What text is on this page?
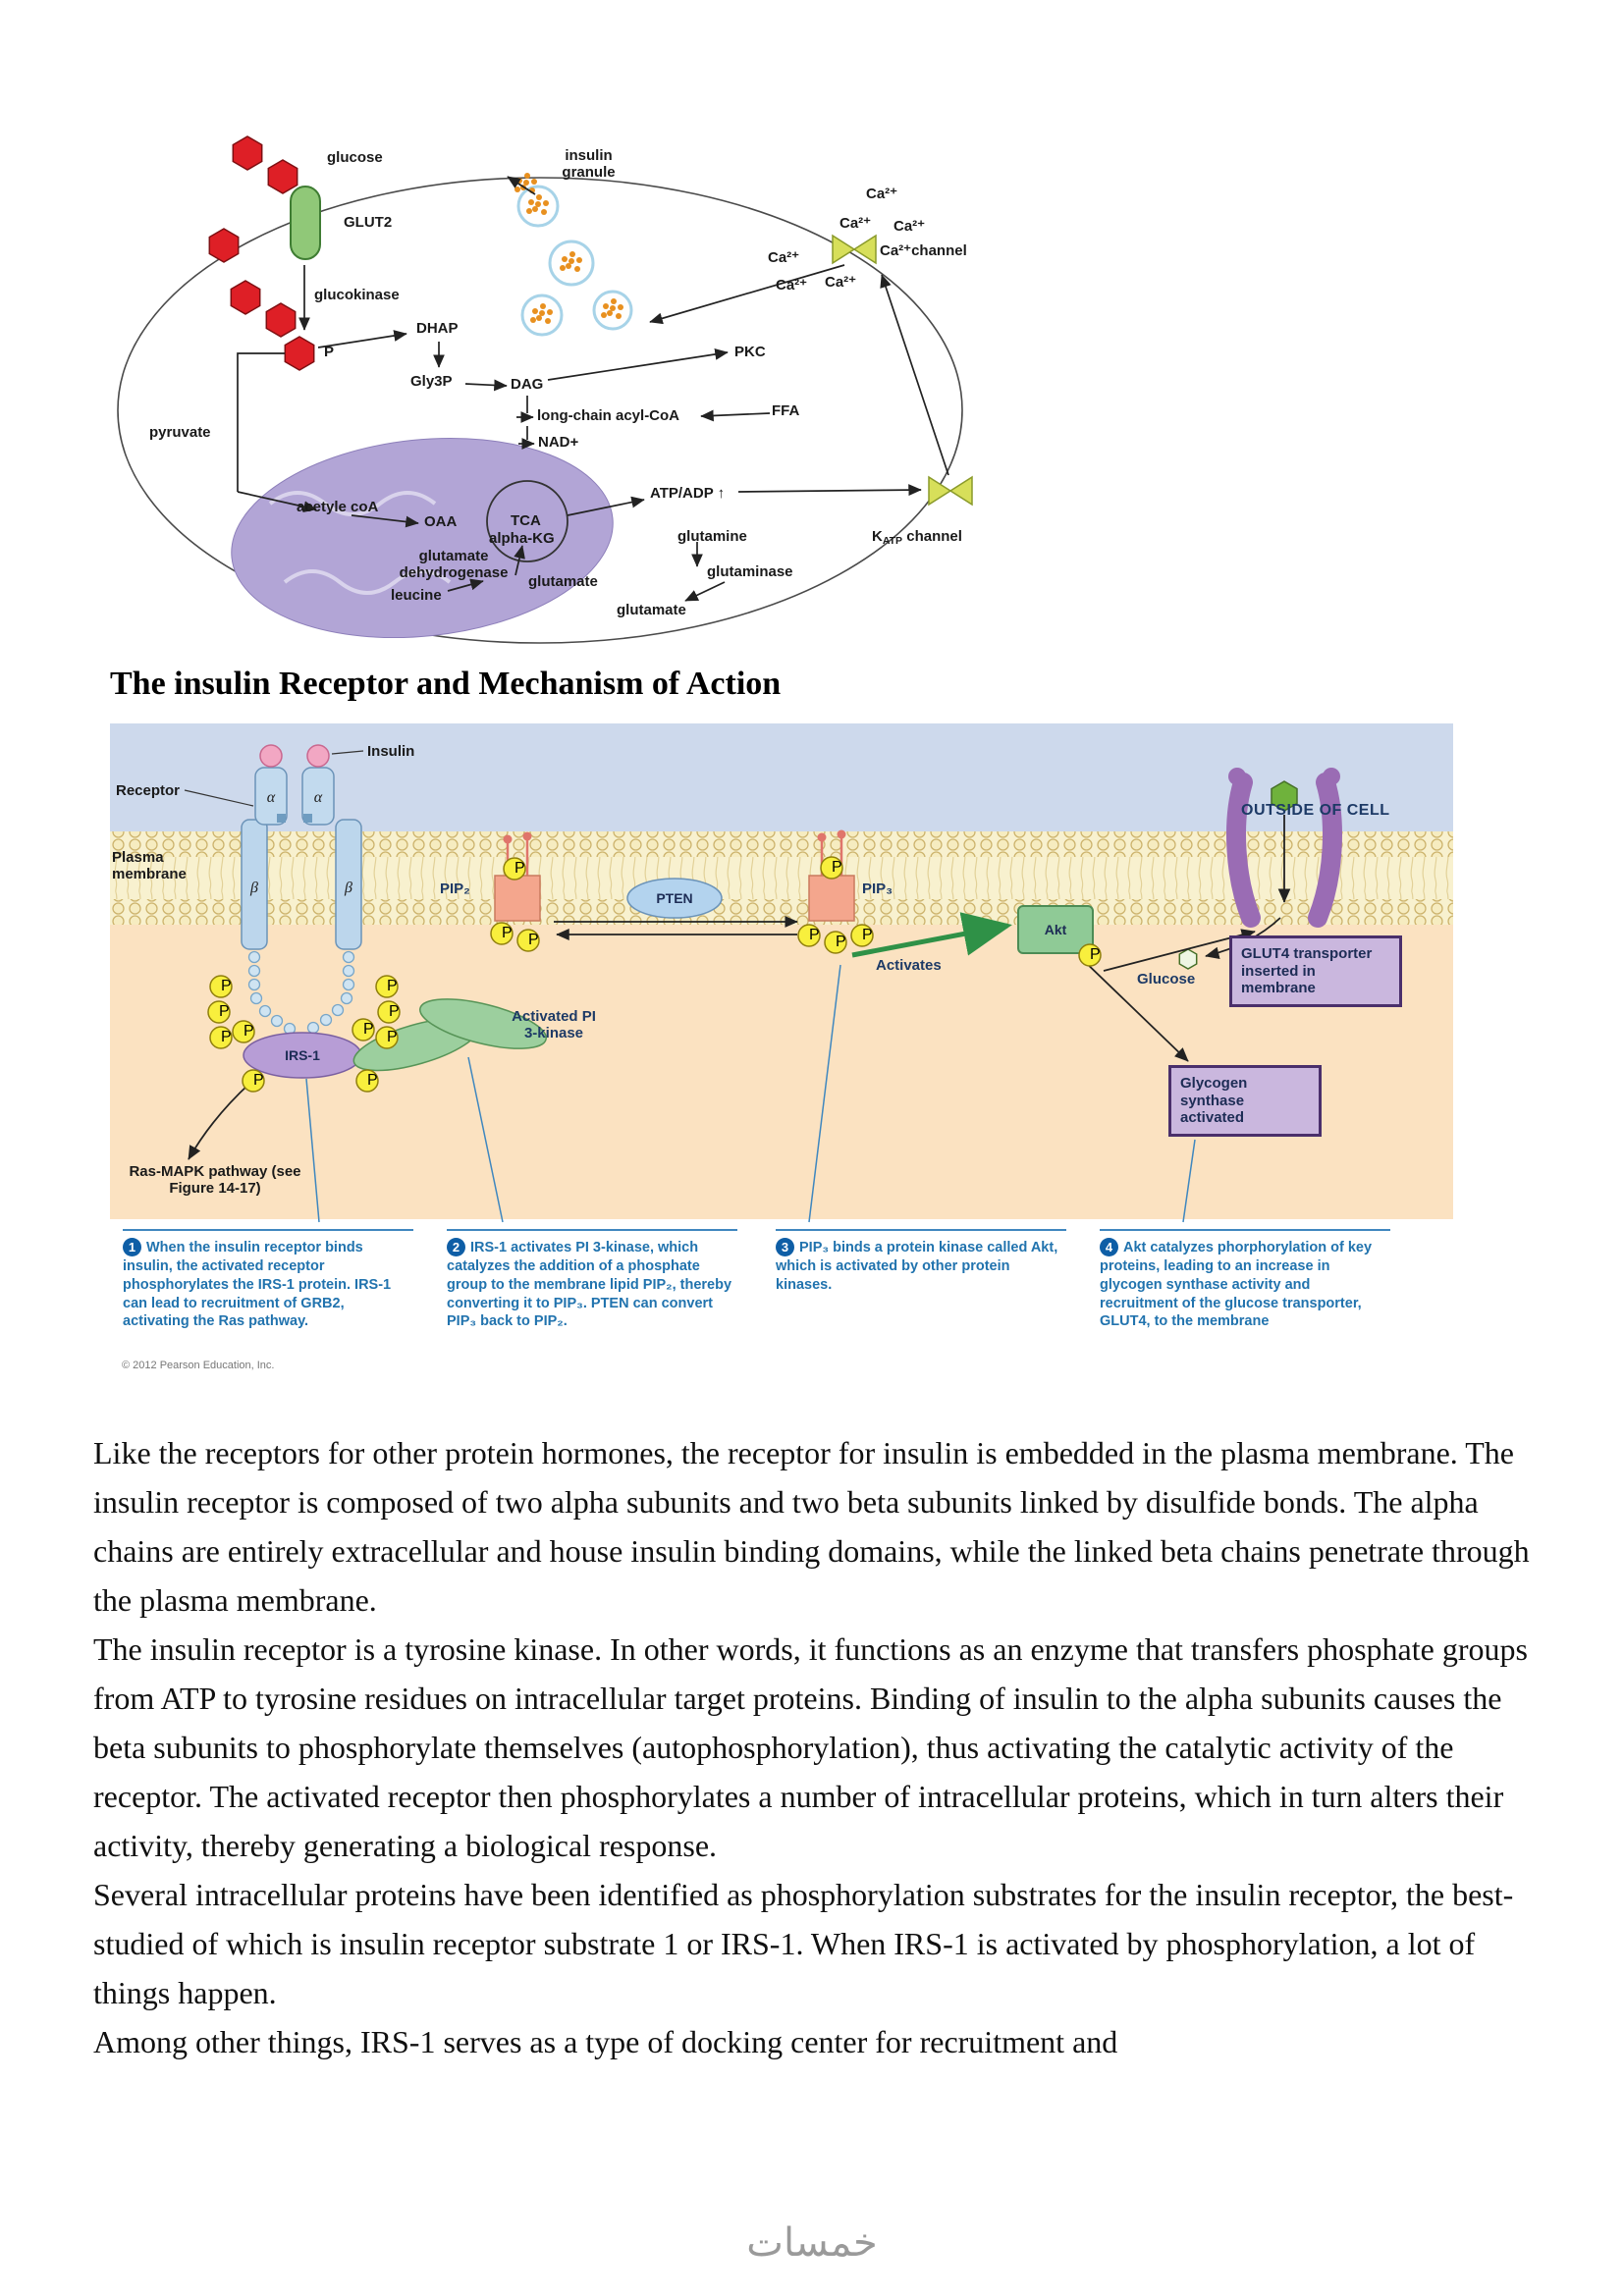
glucose
GLUT2
glucokinase
P
DHAP
Gly3P	DAG
long-chain acyl-CoA	FFA
NAD+
pyruvate
PKC
insulin granule
Ca²⁺
Ca²⁺ Ca²⁺
Ca²⁺
Ca²⁺ Ca²⁺
Ca²⁺channel
ATP/ADP ↑
$K_{ATP}$ channel
TCA
acetyle coA
OAA
alpha-KG
glutamate dehydrogenase
glutamate
leucine
glutamine
glutaminase
glutamate
The insulin Receptor and Mechanism of Action
P
P
P
P
P
P
P	P
P	P
P
P P
P
P P P
P
α α
β	β
IRS-1
PTEN
Akt
OUTSIDE OF CELL
Insulin
Receptor
Plasma membrane
PIP₂	PIP₃
Activated PI 3-kinase
Activates
Glucose
GLUT4 transporter inserted in membrane
Glycogen synthase activated
Ras-MAPK pathway (see Figure 14-17)
1 When the insulin receptor binds insulin, the activated receptor phosphorylates the IRS-1 protein. IRS-1 can lead to recruitment of GRB2, activating the Ras pathway.
2 IRS-1 activates PI 3-kinase, which catalyzes the addition of a phosphate group to the membrane lipid PIP₂, thereby converting it to PIP₃. PTEN can convert PIP₃ back to PIP₂.
3 PIP₃ binds a protein kinase called Akt, which is activated by other protein kinases.
4 Akt catalyzes phorphorylation of key proteins, leading to an increase in glycogen synthase activity and recruitment of the glucose transporter, GLUT4, to the membrane
© 2012 Pearson Education, Inc.

Like the receptors for other protein hormones, the receptor for insulin is embedded in the plasma membrane. The insulin receptor is composed of two alpha subunits and two beta subunits linked by disulfide bonds. The alpha chains are entirely extracellular and house insulin binding domains, while the linked beta chains penetrate through the plasma membrane.

The insulin receptor is a tyrosine kinase. In other words, it functions as an enzyme that transfers phosphate groups from ATP to tyrosine residues on intracellular target proteins. Binding of insulin to the alpha subunits causes the beta subunits to phosphorylate themselves (autophosphorylation), thus activating the catalytic activity of the receptor. The activated receptor then phosphorylates a number of intracellular proteins, which in turn alters their activity, thereby generating a biological response.

Several intracellular proteins have been identified as phosphorylation substrates for the insulin receptor, the best-studied of which is insulin receptor substrate 1 or IRS-1. When IRS-1 is activated by phosphorylation, a lot of things happen.

Among other things, IRS-1 serves as a type of docking center for recruitment and

خمسات
